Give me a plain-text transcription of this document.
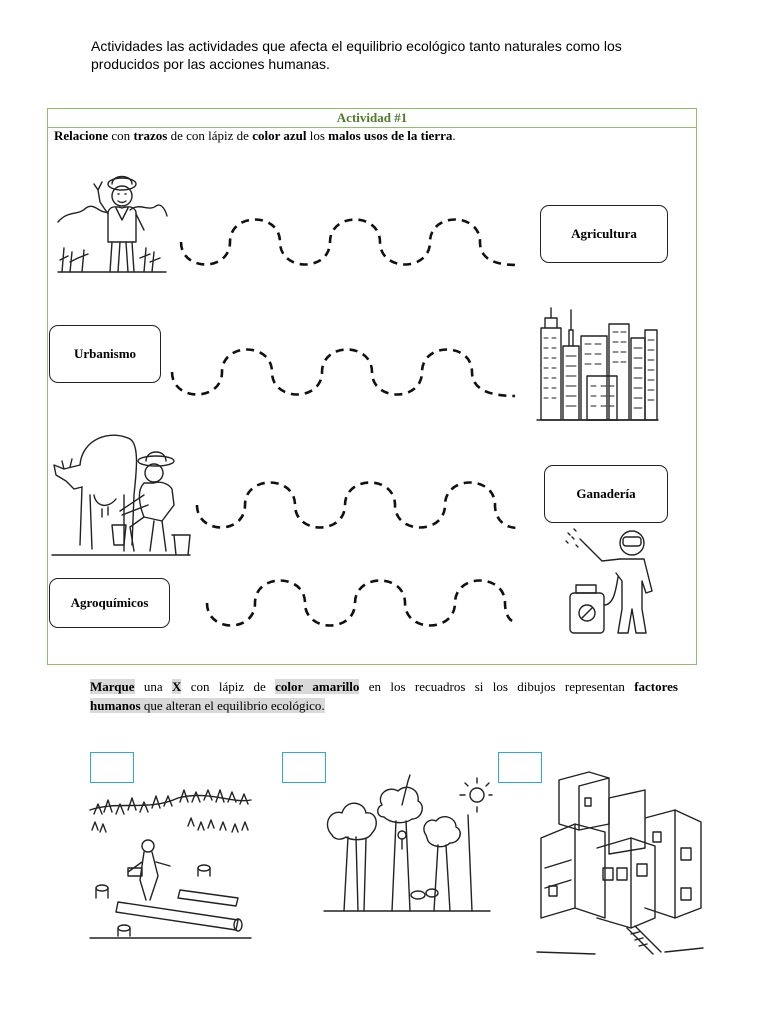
Actividades las actividades que afecta el equilibrio ecológico tanto naturales como los producidos por las acciones humanas.
Actividad #1
Relacione con trazos de con lápiz de color azul los malos usos de la tierra.
Agricultura
Urbanismo
Ganadería
Agroquímicos
Marque una X con lápiz de color amarillo en los recuadros si los dibujos representan factores
humanos que alteran el equilibrio ecológico.
